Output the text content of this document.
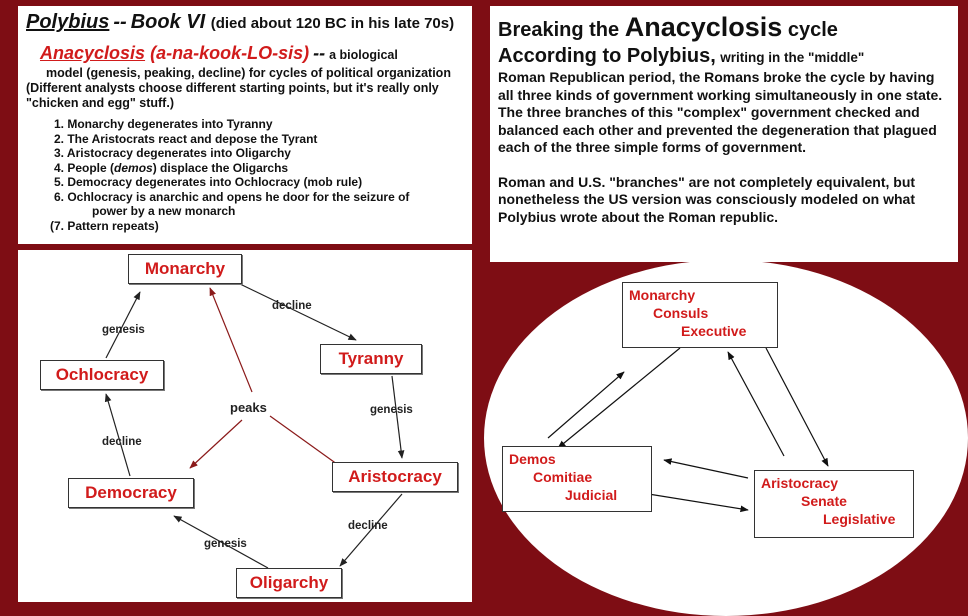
Polybius -- Book VI (died about 120 BC in his late 70s)
Anacyclosis (a-na-kook-LO-sis) -- a biological
model (genesis, peaking, decline) for cycles of political organization
(Different analysts choose different starting points, but it's really only
"chicken and egg" stuff.)
1. Monarchy degenerates into Tyranny
2. The Aristocrats react and depose the Tyrant
3. Aristocracy degenerates into Oligarchy
4. People (demos) displace the Oligarchs
5. Democracy degenerates into Ochlocracy (mob rule)
6. Ochlocracy is anarchic and opens he door for the seizure of
power by a new monarch
(7. Pattern repeats)
Breaking the Anacyclosis cycle
According to Polybius, writing in the "middle"
Roman Republican period, the Romans broke the cycle by having all three kinds of government working simultaneously in one state. The three branches of this "complex" government checked and balanced each other and prevented the degeneration that plagued each of the three simple forms of government.
Roman and U.S. "branches" are not completely equivalent, but nonetheless the US version was consciously modeled on what Polybius wrote about the Roman republic.
Monarchy
Tyranny
Aristocracy
Oligarchy
Democracy
Ochlocracy
decline
genesis
decline
genesis
decline
genesis
peaks
Monarchy
Consuls
Executive
Demos
Comitiae
Judicial
Aristocracy
Senate
Legislative
